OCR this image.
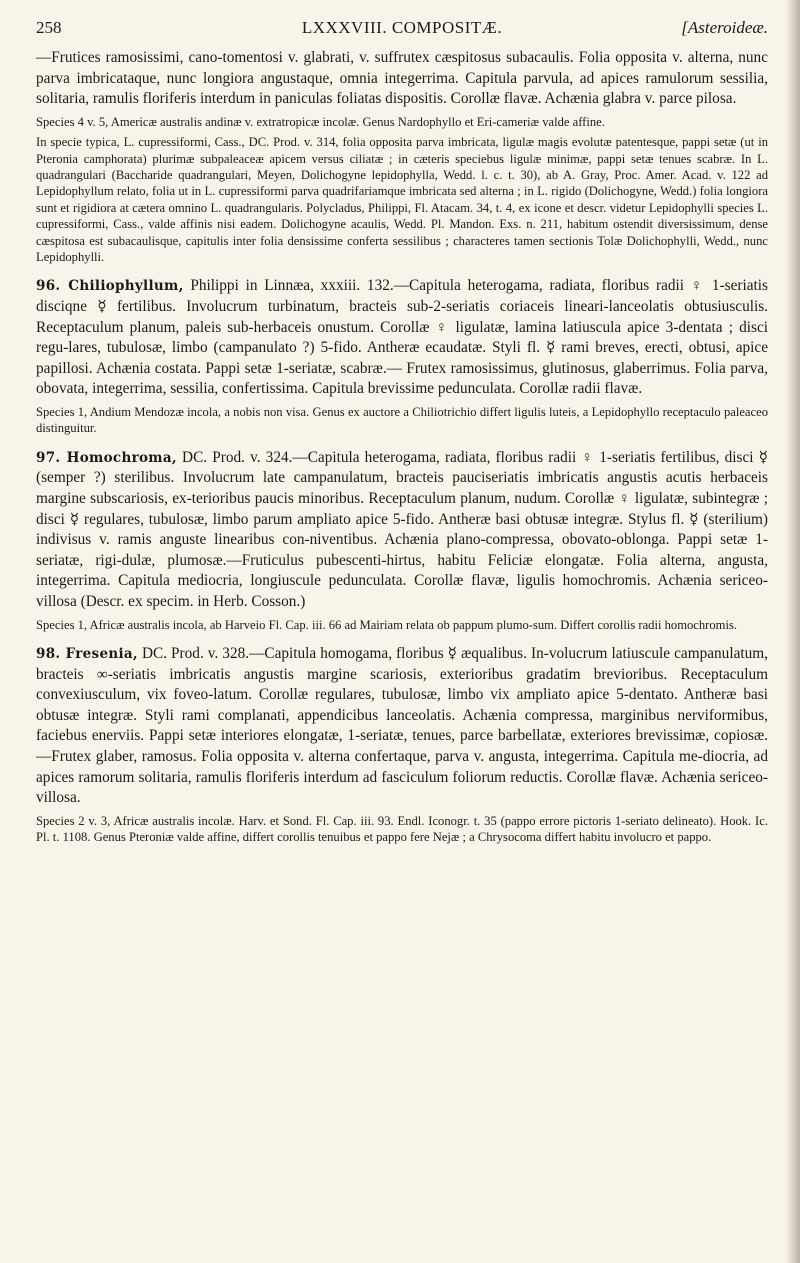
258	LXXXVIII. COMPOSITÆ.	[Asteroideæ.

—Frutices ramosissimi, cano-tomentosi v. glabrati, v. suffrutex cæspitosus subacaulis. Folia opposita v. alterna, nunc parva imbricataque, nunc longiora angustaque, omnia integerrima. Capitula parvula, ad apices ramulorum sessilia, solitaria, ramulis floriferis interdum in paniculas foliatas dispositis. Corollæ flavæ. Achænia glabra v. parce pilosa.

Species 4 v. 5, Americæ australis andinæ v. extratropicæ incolæ. Genus Nardophyllo et Eri-cameriæ valde affine.

In specie typica, L. cupressiformi, Cass., DC. Prod. v. 314, folia opposita parva imbricata, ligulæ magis evolutæ patentesque, pappi setæ (ut in Pteronia camphorata) plurimæ subpaleaceæ apicem versus ciliatæ ; in cæteris speciebus ligulæ minimæ, pappi setæ tenues scabræ. In L. quadrangulari (Baccharide quadrangulari, Meyen, Dolichogyne lepidophylla, Wedd. l. c. t. 30), ab A. Gray, Proc. Amer. Acad. v. 122 ad Lepidophyllum relato, folia ut in L. cupressiformi parva quadrifariamque imbricata sed alterna ; in L. rigido (Dolichogyne, Wedd.) folia longiora sunt et rigidiora at cætera omnino L. quadrangularis. Polycladus, Philippi, Fl. Atacam. 34, t. 4, ex icone et descr. videtur Lepidophylli species L. cupressiformi, Cass., valde affinis nisi eadem. Dolichogyne acaulis, Wedd. Pl. Mandon. Exs. n. 211, habitum ostendit diversissimum, dense cæspitosa est subacaulisque, capitulis inter folia densissime conferta sessilibus ; characteres tamen sectionis Tolæ Dolichophylli, Wedd., nunc Lepidophylli.

96. Chiliophyllum, Philippi in Linnæa, xxxiii. 132.—Capitula heterogama, radiata, floribus radii ♀ 1-seriatis disciqne ☿ fertilibus. Involucrum turbinatum, bracteis sub-2-seriatis coriaceis lineari-lanceolatis obtusiusculis. Receptaculum planum, paleis sub-herbaceis onustum. Corollæ ♀ ligulatæ, lamina latiuscula apice 3-dentata ; disci regu-lares, tubulosæ, limbo (campanulato ?) 5-fido. Antheræ ecaudatæ. Styli fl. ☿ rami breves, erecti, obtusi, apice papillosi. Achænia costata. Pappi setæ 1-seriatæ, scabræ.— Frutex ramosissimus, glutinosus, glaberrimus. Folia parva, obovata, integerrima, sessilia, confertissima. Capitula brevissime pedunculata. Corollæ radii flavæ.

Species 1, Andium Mendozæ incola, a nobis non visa. Genus ex auctore a Chiliotrichio differt ligulis luteis, a Lepidophyllo receptaculo paleaceo distinguitur.

97. Homochroma, DC. Prod. v. 324.—Capitula heterogama, radiata, floribus radii ♀ 1-seriatis fertilibus, disci ☿ (semper ?) sterilibus. Involucrum late campanulatum, bracteis pauciseriatis imbricatis angustis acutis herbaceis margine subscariosis, ex-terioribus paucis minoribus. Receptaculum planum, nudum. Corollæ ♀ ligulatæ, subintegræ ; disci ☿ regulares, tubulosæ, limbo parum ampliato apice 5-fido. Antheræ basi obtusæ integræ. Stylus fl. ☿ (sterilium) indivisus v. ramis anguste linearibus con-niventibus. Achænia plano-compressa, obovato-oblonga. Pappi setæ 1-seriatæ, rigi-dulæ, plumosæ.—Fruticulus pubescenti-hirtus, habitu Feliciæ elongatæ. Folia alterna, angusta, integerrima. Capitula mediocria, longiuscule pedunculata. Corollæ flavæ, ligulis homochromis. Achænia sericeo-villosa (Descr. ex specim. in Herb. Cosson.)

Species 1, Africæ australis incola, ab Harveio Fl. Cap. iii. 66 ad Mairiam relata ob pappum plumo-sum. Differt corollis radii homochromis.

98. Fresenia, DC. Prod. v. 328.—Capitula homogama, floribus ☿ æqualibus. In-volucrum latiuscule campanulatum, bracteis ∞-seriatis imbricatis angustis margine scariosis, exterioribus gradatim brevioribus. Receptaculum convexiusculum, vix foveo-latum. Corollæ regulares, tubulosæ, limbo vix ampliato apice 5-dentato. Antheræ basi obtusæ integræ. Styli rami complanati, appendicibus lanceolatis. Achænia compressa, marginibus nerviformibus, faciebus enerviis. Pappi setæ interiores elongatæ, 1-seriatæ, tenues, parce barbellatæ, exteriores brevissimæ, copiosæ.—Frutex glaber, ramosus. Folia opposita v. alterna confertaque, parva v. angusta, integerrima. Capitula me-diocria, ad apices ramorum solitaria, ramulis floriferis interdum ad fasciculum foliorum reductis. Corollæ flavæ. Achænia sericeo-villosa.

Species 2 v. 3, Africæ australis incolæ. Harv. et Sond. Fl. Cap. iii. 93. Endl. Iconogr. t. 35 (pappo errore pictoris 1-seriato delineato). Hook. Ic. Pl. t. 1108. Genus Pteroniæ valde affine, differt corollis tenuibus et pappo fere Nejæ ; a Chrysocoma differt habitu involucro et pappo.
